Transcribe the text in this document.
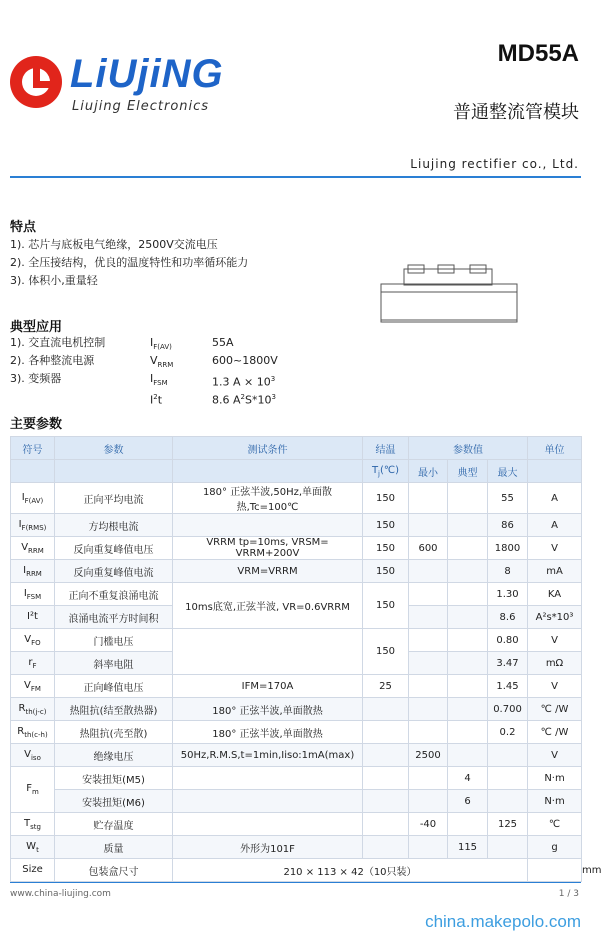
LiUjiNG
Liujing Electronics
MD55A
普通整流管模块
Liujing rectifier co., Ltd.
特点
1). 芯片与底板电气绝缘，2500V交流电压
2). 全压接结构，优良的温度特性和功率循环能力
3). 体积小,重量轻
典型应用
1). 交直流电机控制	$I_{F(AV)}$	55A
2). 各种整流电源	$V_{RRM}$	600~1800V
3). 变频器	$I_{FSM}$	1.3 $A \times 10^3$
$I^2t$	8.6 $A^2S*10^3$
主要参数
符号	参数	测试条件	结温	参数值			单位	
			$T_j(℃)$	最小	典型	最大		
$I_{F(AV)}$	正向平均电流	180° 正弦半波,50Hz,单面散热,Tc=100℃	150			55	A	
$I_{F(RMS)}$	方均根电流		150			86	A	
$V_{RRM}$	反向重复峰值电压	VRRM tp=10ms, VRSM= VRRM+200V	150	600		1800	V	
$I_{RRM}$	反向重复峰值电流	VRM=VRRM	150			8	mA	
$I_{FSM}$	正向不重复浪涌电流	10ms底宽,正弦半波, VR=0.6VRRM	150			1.30	KA	
I²t	浪涌电流平方时间积					8.6	A²s*10³	
$V_{FO}$	门槛电压		150			0.80	V	
$r_F$	斜率电阻					3.47	mΩ	
$V_{FM}$	正向峰值电压	IFM=170A	25			1.45	V	
$R_{th(j-c)}$	热阻抗(结至散热器)	180° 正弦半波,单面散热				0.700	℃ /W	
$R_{th(c-h)}$	热阻抗(壳至散)	180° 正弦半波,单面散热				0.2	℃ /W	
$V_{iso}$	绝缘电压	50Hz,R.M.S,t=1min,Iiso:1mA(max)		2500			V	
$F_m$	安装扭矩(M5)				4		N·m	
	安装扭矩(M6)				6		N·m	
$T_{stg}$	贮存温度			-40		125	℃	
$W_t$	质量	外形为101F			115		g	
Size	包装盒尺寸	210 × 113 × 42（10只装）						mm
www.china-liujing.com	1 / 3
china.makepolo.com
